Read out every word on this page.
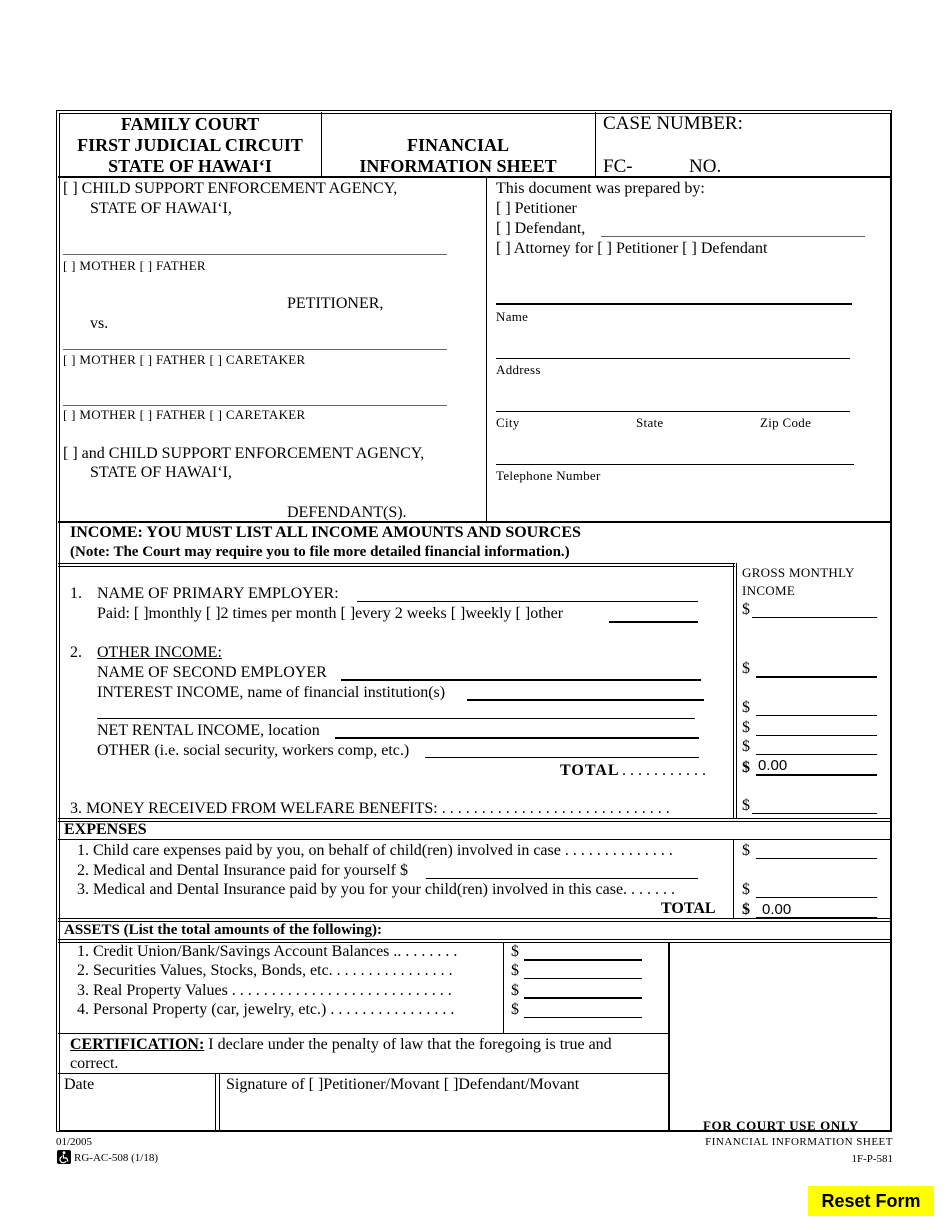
FAMILY COURT
FIRST JUDICIAL CIRCUIT
STATE OF HAWAI‘I
FINANCIAL
INFORMATION SHEET
CASE NUMBER:
FC-	NO.
[ ] CHILD SUPPORT ENFORCEMENT AGENCY,
STATE OF HAWAI‘I,
[ ] MOTHER [ ] FATHER
PETITIONER,
vs.
[ ] MOTHER [ ] FATHER [ ] CARETAKER
[ ] MOTHER [ ] FATHER [ ] CARETAKER
[ ] and CHILD SUPPORT ENFORCEMENT AGENCY,
STATE OF HAWAI‘I,
DEFENDANT(S).
This document was prepared by:
[ ] Petitioner
[ ] Defendant,
[ ] Attorney for [ ] Petitioner [ ] Defendant
Name
Address
City	State	Zip Code
Telephone Number
INCOME: YOU MUST LIST ALL INCOME AMOUNTS AND SOURCES
(Note: The Court may require you to file more detailed financial information.)
GROSS MONTHLY
INCOME
1. NAME OF PRIMARY EMPLOYER:
Paid: [ ]monthly [ ]2 times per month [ ]every 2 weeks [ ]weekly [ ]other	$
2. OTHER INCOME:
NAME OF SECOND EMPLOYER	$
INTEREST INCOME, name of financial institution(s)
$
NET RENTAL INCOME, location	$
OTHER (i.e. social security, workers comp, etc.)	$
TOTAL . . . . . . . . . . . $ 0.00
3. MONEY RECEIVED FROM WELFARE BENEFITS: . . . . . . . . . . . . . . . . . . . . . . . . . . . . .	$
EXPENSES
1. Child care expenses paid by you, on behalf of child(ren) involved in case . . . . . . . . . . . . . .	$
2. Medical and Dental Insurance paid for yourself $
3. Medical and Dental Insurance paid by you for your child(ren) involved in this case. . . . . . .	$
TOTAL $ 0.00
ASSETS (List the total amounts of the following):
1. Credit Union/Bank/Savings Account Balances .. . . . . . . .	$
2. Securities Values, Stocks, Bonds, etc. . . . . . . . . . . . . . . .	$
3. Real Property Values . . . . . . . . . . . . . . . . . . . . . . . . . . . .	$
4. Personal Property (car, jewelry, etc.) . . . . . . . . . . . . . . . .	$
CERTIFICATION: I declare under the penalty of law that the foregoing is true and
correct.
Date	Signature of [ ]Petitioner/Movant [ ]Defendant/Movant
FOR COURT USE ONLY
01/2005
RG-AC-508 (1/18)
FINANCIAL INFORMATION SHEET
1F-P-581
Reset Form
